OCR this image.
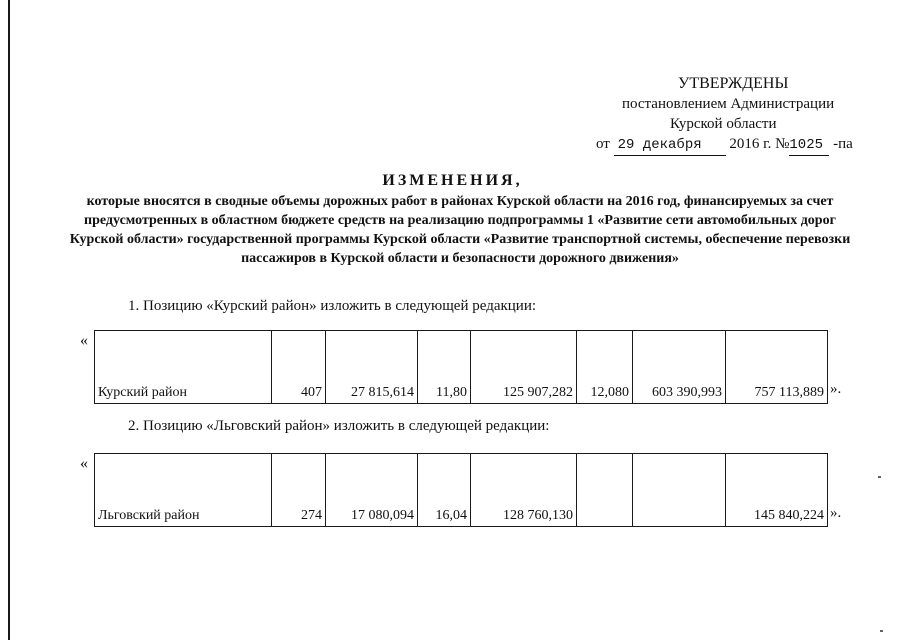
УТВЕРЖДЕНЫ
постановлением Администрации
Курской области
от 29 декабря 2016 г. №1025 -па
ИЗМЕНЕНИЯ,
которые вносятся в сводные объемы дорожных работ в районах Курской области на 2016 год, финансируемых за счет предусмотренных в областном бюджете средств на реализацию подпрограммы 1 «Развитие сети автомобильных дорог Курской области» государственной программы Курской области «Развитие транспортной системы, обеспечение перевозки пассажиров в Курской области и безопасности дорожного движения»
1. Позицию «Курский район» изложить в следующей редакции:
«
Курский район	407	27 815,614	11,80	125 907,282	12,080	603 390,993	757 113,889 ».
2. Позицию «Льговский район» изложить в следующей редакции:
«
Льговский район	274	17 080,094	16,04	128 760,130			145 840,224 ».
